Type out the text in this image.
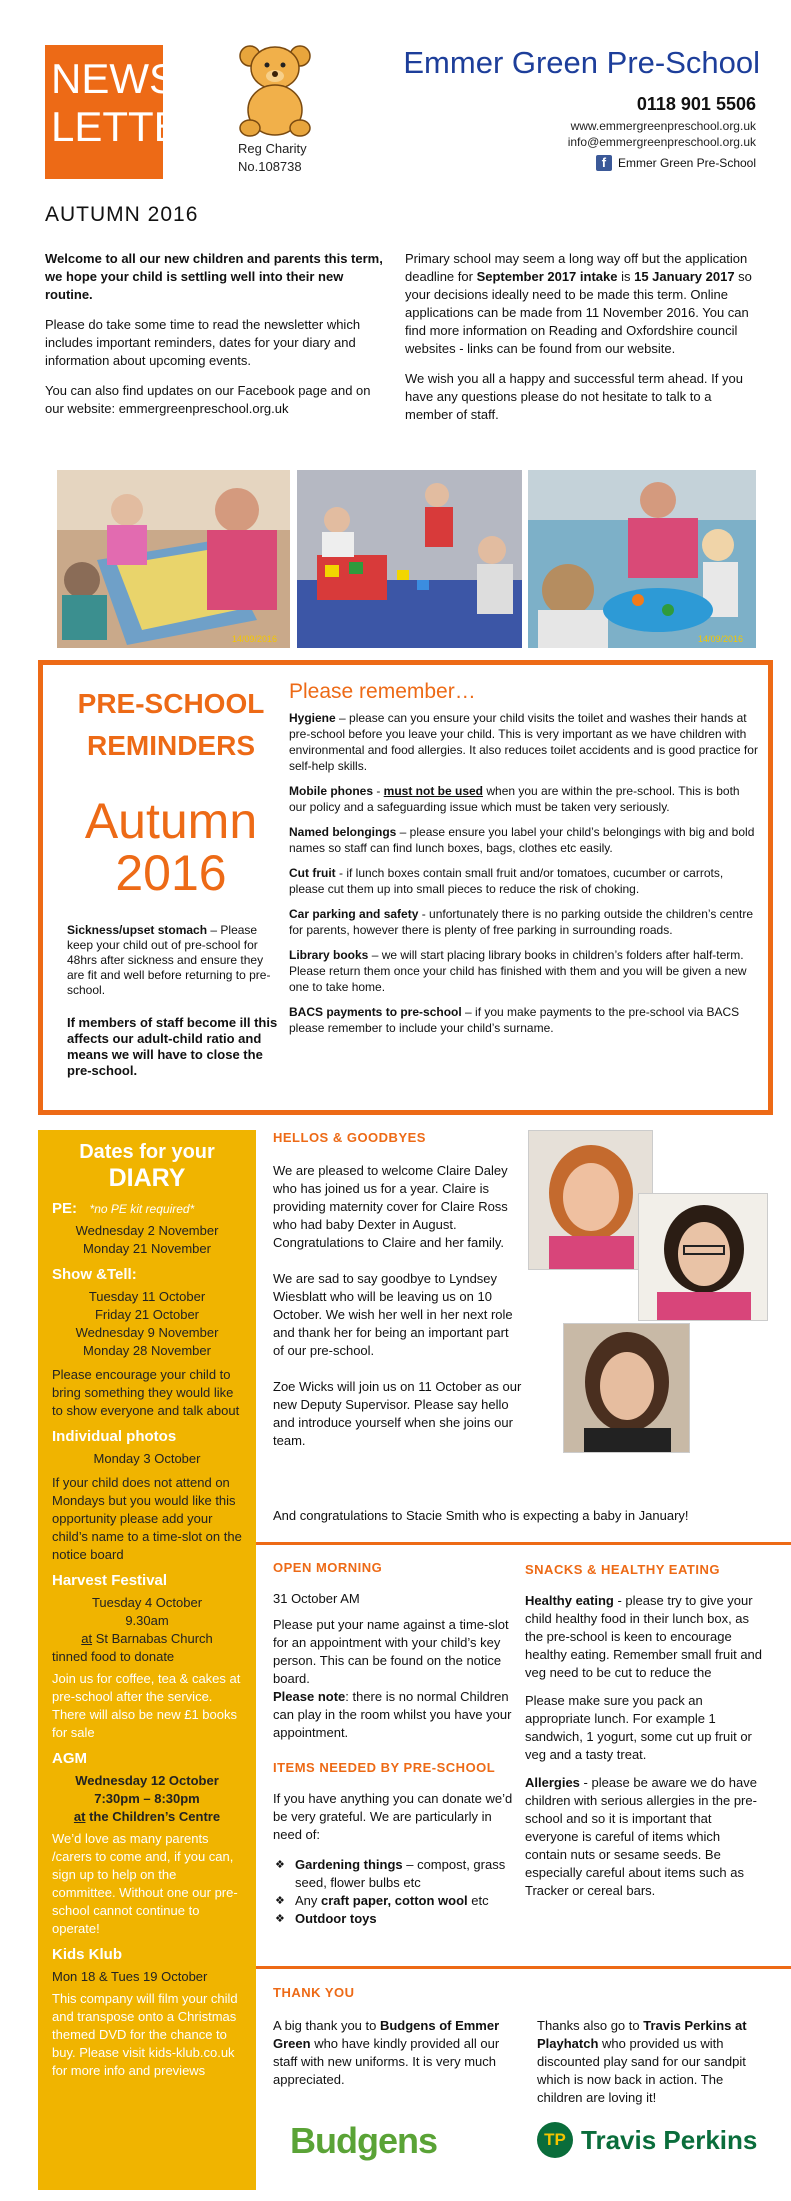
NEWS
LETTER Reg Charity
No.108738
Emmer Green Pre-School
0118 901 5506
www.emmergreenpreschool.org.uk
info@emmergreenpreschool.org.uk
f Emmer Green Pre-School
AUTUMN 2016

Welcome to all our new children and parents this term, we hope your child is settling well into their new routine.

Please do take some time to read the newsletter which includes important reminders, dates for your diary and information about upcoming events.

You can also find updates on our Facebook page and on our website: emmergreenpreschool.org.uk

Primary school may seem a long way off but the application deadline for September 2017 intake is 15 January 2017 so your decisions ideally need to be made this term. Online applications can be made from 11 November 2016. You can find more information on Reading and Oxfordshire council websites - links can be found from our website.

We wish you all a happy and successful term ahead. If you have any questions please do not hesitate to talk to a member of staff.

14/09/2016	14/09/2016
PRE-SCHOOL
REMINDERS
Autumn
2016
Sickness/upset stomach – Please keep your child out of pre-school for 48hrs after sickness and ensure they are fit and well before returning to pre-school.
If members of staff become ill this affects our adult-child ratio and means we will have to close the pre-school.
Please remember…

Hygiene – please can you ensure your child visits the toilet and washes their hands at pre-school before you leave your child. This is very important as we have children with environmental and food allergies. It also reduces toilet accidents and is good practice for self-help skills.

Mobile phones - must not be used when you are within the pre-school. This is both our policy and a safeguarding issue which must be taken very seriously.

Named belongings – please ensure you label your child’s belongings with big and bold names so staff can find lunch boxes, bags, clothes etc easily.

Cut fruit - if lunch boxes contain small fruit and/or tomatoes, cucumber or carrots, please cut them up into small pieces to reduce the risk of choking.

Car parking and safety - unfortunately there is no parking outside the children’s centre for parents, however there is plenty of free parking in surrounding roads.

Library books – we will start placing library books in children’s folders after half-term. Please return them once your child has finished with them and you will be given a new one to take home.

BACS payments to pre-school – if you make payments to the pre-school via BACS please remember to include your child’s surname.

Dates for your
DIARY
PE: *no PE kit required*
Wednesday 2 November
Monday 21 November
Show &Tell:
Tuesday 11 October
Friday 21 October
Wednesday 9 November
Monday 28 November
Please encourage your child to bring something they would like to show everyone and talk about
Individual photos
Monday 3 October
If your child does not attend on Mondays but you would like this opportunity please add your child’s name to a time-slot on the notice board
Harvest Festival
Tuesday 4 October
9.30am
at St Barnabas Church
tinned food to donate
Join us for coffee, tea & cakes at pre-school after the service. There will also be new £1 books for sale
AGM
Wednesday 12 October
7:30pm – 8:30pm
at the Children’s Centre
We’d love as many parents /carers to come and, if you can, sign up to help on the committee. Without one our pre-school cannot continue to operate!
Kids Klub
Mon 18 & Tues 19 October
This company will film your child and transpose onto a Christmas themed DVD for the chance to buy. Please visit kids-klub.co.uk for more info and previews
HELLOS & GOODBYES

We are pleased to welcome Claire Daley who has joined us for a year. Claire is providing maternity cover for Claire Ross who had baby Dexter in August. Congratulations to Claire and her family.

We are sad to say goodbye to Lyndsey Wiesblatt who will be leaving us on 10 October. We wish her well in her next role and thank her for being an important part of our pre-school.

Zoe Wicks will join us on 11 October as our new Deputy Supervisor. Please say hello and introduce yourself when she joins our team.

And congratulations to Stacie Smith who is expecting a baby in January!
OPEN MORNING

31 October AM

Please put your name against a time-slot for an appointment with your child’s key person. This can be found on the notice board.
Please note: there is no normal Children can play in the room whilst you have your appointment.

ITEMS NEEDED BY PRE-SCHOOL
If you have anything you can donate we’d be very grateful. We are particularly in need of:
❖ Gardening things – compost, grass seed, flower bulbs etc
❖ Any craft paper, cotton wool etc
❖ Outdoor toys
SNACKS & HEALTHY EATING

Healthy eating - please try to give your child healthy food in their lunch box, as the pre-school is keen to encourage healthy eating. Remember small fruit and veg need to be cut to reduce the

Please make sure you pack an appropriate lunch. For example 1 sandwich, 1 yogurt, some cut up fruit or veg and a tasty treat.

Allergies - please be aware we do have children with serious allergies in the pre-school and so it is important that everyone is careful of items which contain nuts or sesame seeds. Be especially careful about items such as Tracker or cereal bars.

THANK YOU
A big thank you to Budgens of Emmer Green who have kindly provided all our staff with new uniforms. It is very much appreciated.
Thanks also go to Travis Perkins at Playhatch who provided us with discounted play sand for our sandpit which is now back in action. The children are loving it!
Budgens	TP Travis Perkins
